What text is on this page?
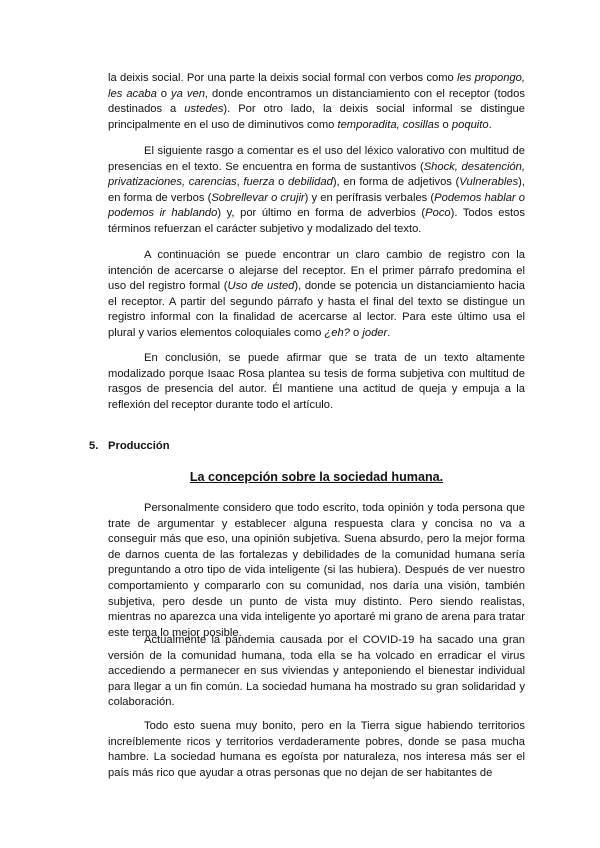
la deixis social. Por una parte la deixis social formal con verbos como les propongo, les acaba o ya ven, donde encontramos un distanciamiento con el receptor (todos destinados a ustedes). Por otro lado, la deixis social informal se distingue principalmente en el uso de diminutivos como temporadita, cosillas o poquito.

El siguiente rasgo a comentar es el uso del léxico valorativo con multitud de presencias en el texto. Se encuentra en forma de sustantivos (Shock, desatención, privatizaciones, carencias, fuerza o debilidad), en forma de adjetivos (Vulnerables), en forma de verbos (Sobrellevar o crujir) y en perífrasis verbales (Podemos hablar o podemos ir hablando) y, por último en forma de adverbios (Poco). Todos estos términos refuerzan el carácter subjetivo y modalizado del texto.

A continuación se puede encontrar un claro cambio de registro con la intención de acercarse o alejarse del receptor. En el primer párrafo predomina el uso del registro formal (Uso de usted), donde se potencia un distanciamiento hacia el receptor. A partir del segundo párrafo y hasta el final del texto se distingue un registro informal con la finalidad de acercarse al lector. Para este último usa el plural y varios elementos coloquiales como ¿eh? o joder.

En conclusión, se puede afirmar que se trata de un texto altamente modalizado porque Isaac Rosa plantea su tesis de forma subjetiva con multitud de rasgos de presencia del autor. Él mantiene una actitud de queja y empuja a la reflexión del receptor durante todo el artículo.

5. Producción

La concepción sobre la sociedad humana.

Personalmente considero que todo escrito, toda opinión y toda persona que trate de argumentar y establecer alguna respuesta clara y concisa no va a conseguir más que eso, una opinión subjetiva. Suena absurdo, pero la mejor forma de darnos cuenta de las fortalezas y debilidades de la comunidad humana sería preguntando a otro tipo de vida inteligente (si las hubiera). Después de ver nuestro comportamiento y compararlo con su comunidad, nos daría una visión, también subjetiva, pero desde un punto de vista muy distinto. Pero siendo realistas, mientras no aparezca una vida inteligente yo aportaré mi grano de arena para tratar este tema lo mejor posible.

Actualmente la pandemia causada por el COVID-19 ha sacado una gran versión de la comunidad humana, toda ella se ha volcado en erradicar el virus accediendo a permanecer en sus viviendas y anteponiendo el bienestar individual para llegar a un fin común. La sociedad humana ha mostrado su gran solidaridad y colaboración.

Todo esto suena muy bonito, pero en la Tierra sigue habiendo territorios increíblemente ricos y territorios verdaderamente pobres, donde se pasa mucha hambre. La sociedad humana es egoísta por naturaleza, nos interesa más ser el país más rico que ayudar a otras personas que no dejan de ser habitantes de
